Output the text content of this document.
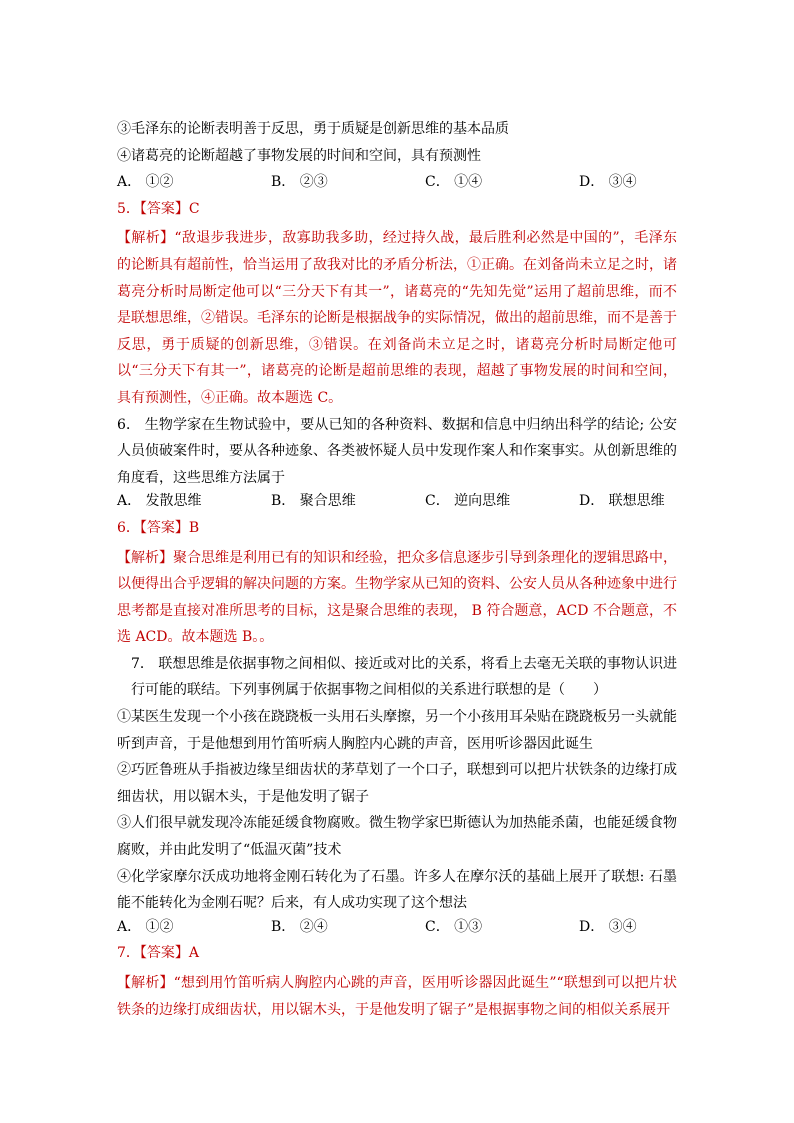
③毛泽东的论断表明善于反思，勇于质疑是创新思维的基本品质
④诸葛亮的论断超越了事物发展的时间和空间，具有预测性
A． ①②	B． ②③	C． ①④	D． ③④
5．【答案】C

【解析】“敌退步我进步，敌寡助我多助，经过持久战，最后胜利必然是中国的”，毛泽东的论断具有超前性，恰当运用了敌我对比的矛盾分析法，①正确。在刘备尚未立足之时，诸葛亮分析时局断定他可以“三分天下有其一”，诸葛亮的“先知先觉”运用了超前思维，而不是联想思维，②错误。毛泽东的论断是根据战争的实际情况，做出的超前思维，而不是善于反思，勇于质疑的创新思维，③错误。在刘备尚未立足之时，诸葛亮分析时局断定他可以“三分天下有其一”，诸葛亮的论断是超前思维的表现，超越了事物发展的时间和空间，具有预测性，④正确。故本题选 C。

6． 生物学家在生物试验中，要从已知的各种资料、数据和信息中归纳出科学的结论; 公安人员侦破案件时，要从各种迹象、各类被怀疑人员中发现作案人和作案事实。从创新思维的角度看，这些思维方法属于

A． 发散思维	B． 聚合思维	C． 逆向思维	D． 联想思维
6．【答案】B

【解析】聚合思维是利用已有的知识和经验，把众多信息逐步引导到条理化的逻辑思路中，以便得出合乎逻辑的解决问题的方案。生物学家从已知的资料、公安人员从各种迹象中进行思考都是直接对准所思考的目标，这是聚合思维的表现， B 符合题意，ACD 不合题意，不选 ACD。故本题选 B。。

7． 联想思维是依据事物之间相似、接近或对比的关系，将看上去毫无关联的事物认识进行可能的联结。下列事例属于依据事物之间相似的关系进行联想的是（　　）

①某医生发现一个小孩在跷跷板一头用石头摩擦，另一个小孩用耳朵贴在跷跷板另一头就能听到声音，于是他想到用竹笛听病人胸腔内心跳的声音，医用听诊器因此诞生

②巧匠鲁班从手指被边缘呈细齿状的茅草划了一个口子，联想到可以把片状铁条的边缘打成细齿状，用以锯木头，于是他发明了锯子

③人们很早就发现冷冻能延缓食物腐败。微生物学家巴斯德认为加热能杀菌，也能延缓食物腐败，并由此发明了“低温灭菌”技术

④化学家摩尔沃成功地将金刚石转化为了石墨。许多人在摩尔沃的基础上展开了联想: 石墨能不能转化为金刚石呢？后来，有人成功实现了这个想法

A． ①②	B． ②④	C． ①③	D． ③④
7．【答案】A

【解析】“想到用竹笛听病人胸腔内心跳的声音，医用听诊器因此诞生”“联想到可以把片状铁条的边缘打成细齿状，用以锯木头，于是他发明了锯子”是根据事物之间的相似关系展开
